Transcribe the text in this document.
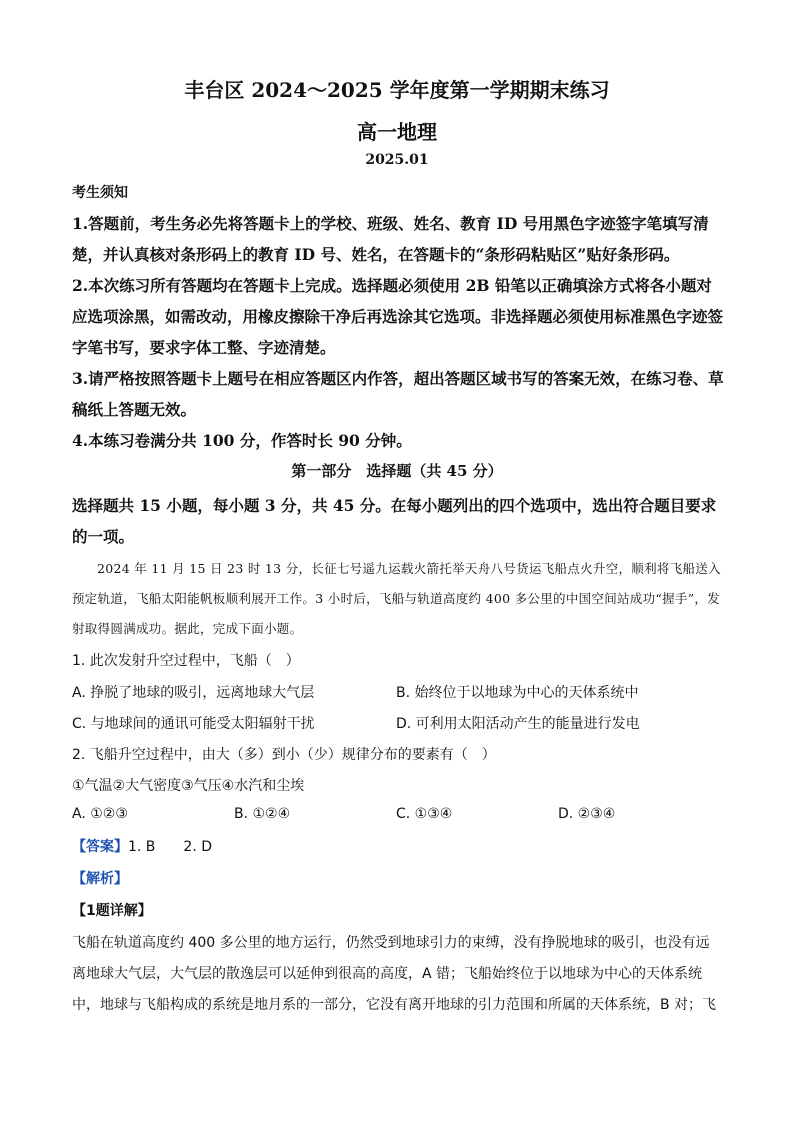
丰台区 2024～2025 学年度第一学期期末练习
高一地理
2025.01
考生须知

1.答题前，考生务必先将答题卡上的学校、班级、姓名、教育 ID 号用黑色字迹签字笔填写清楚，并认真核对条形码上的教育 ID 号、姓名，在答题卡的“条形码粘贴区”贴好条形码。

2.本次练习所有答题均在答题卡上完成。选择题必须使用 2B 铅笔以正确填涂方式将各小题对应选项涂黑，如需改动，用橡皮擦除干净后再选涂其它选项。非选择题必须使用标准黑色字迹签字笔书写，要求字体工整、字迹清楚。

3.请严格按照答题卡上题号在相应答题区内作答，超出答题区域书写的答案无效，在练习卷、草稿纸上答题无效。

4.本练习卷满分共 100 分，作答时长 90 分钟。

第一部分　选择题（共 45 分）
选择题共 15 小题，每小题 3 分，共 45 分。在每小题列出的四个选项中，选出符合题目要求的一项。

2024 年 11 月 15 日 23 时 13 分，长征七号遥九运载火箭托举天舟八号货运飞船点火升空，顺利将飞船送入预定轨道，飞船太阳能帆板顺利展开工作。3 小时后，飞船与轨道高度约 400 多公里的中国空间站成功“握手”，发射取得圆满成功。据此，完成下面小题。

1. 此次发射升空过程中，飞船（　）
A. 挣脱了地球的吸引，远离地球大气层	B. 始终位于以地球为中心的天体系统中
C. 与地球间的通讯可能受太阳辐射干扰	D. 可利用太阳活动产生的能量进行发电
2. 飞船升空过程中，由大（多）到小（少）规律分布的要素有（　）
①气温②大气密度③气压④水汽和尘埃
A. ①②③	B. ①②④	C. ①③④	D. ②③④
【答案】1. B　　2. D
【解析】
【1题详解】

飞船在轨道高度约 400 多公里的地方运行，仍然受到地球引力的束缚，没有挣脱地球的吸引，也没有远离地球大气层，大气层的散逸层可以延伸到很高的高度，A 错；飞船始终位于以地球为中心的天体系统中，地球与飞船构成的系统是地月系的一部分，它没有离开地球的引力范围和所属的天体系统，B 对；飞
